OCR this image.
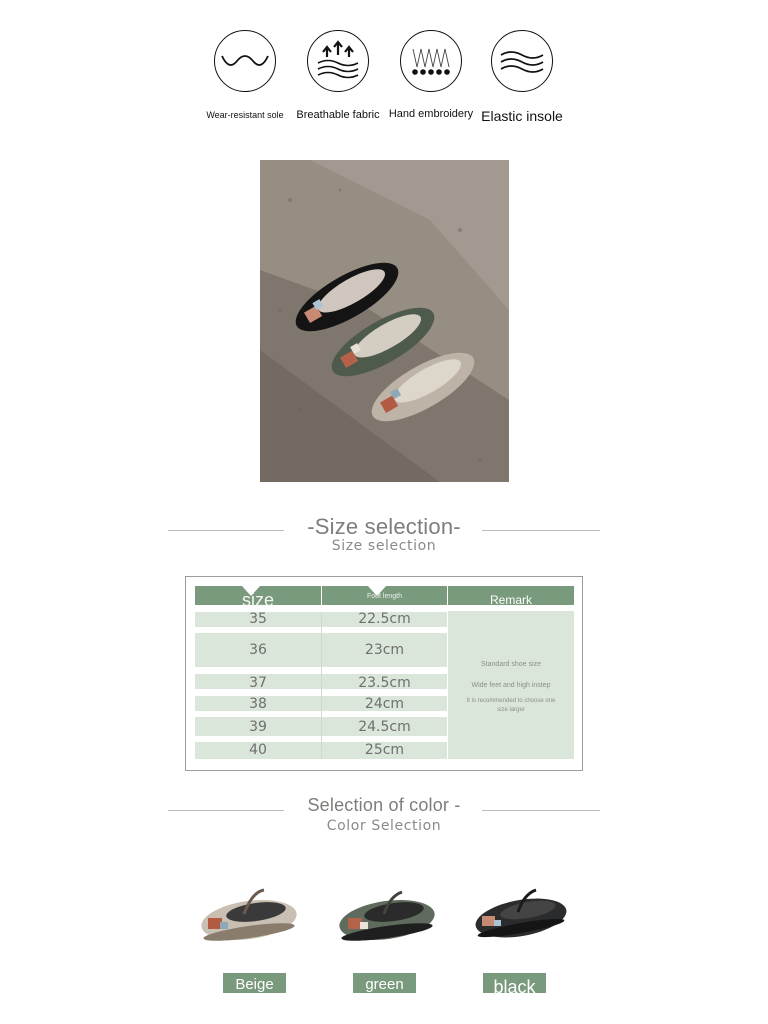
Wear-resistant sole	Breathable fabric Hand embroidery Elastic insole
-Size selection-
Size selection
size	Foot length	Remark
35	22.5cm
36	23cm
37	23.5cm
38	24cm
39	24.5cm
40	25cm
Standard shoe size
Wide feet and high instep
It is recommended to choose one size larger
Selection of color -
Color Selection
Beige	green	black
